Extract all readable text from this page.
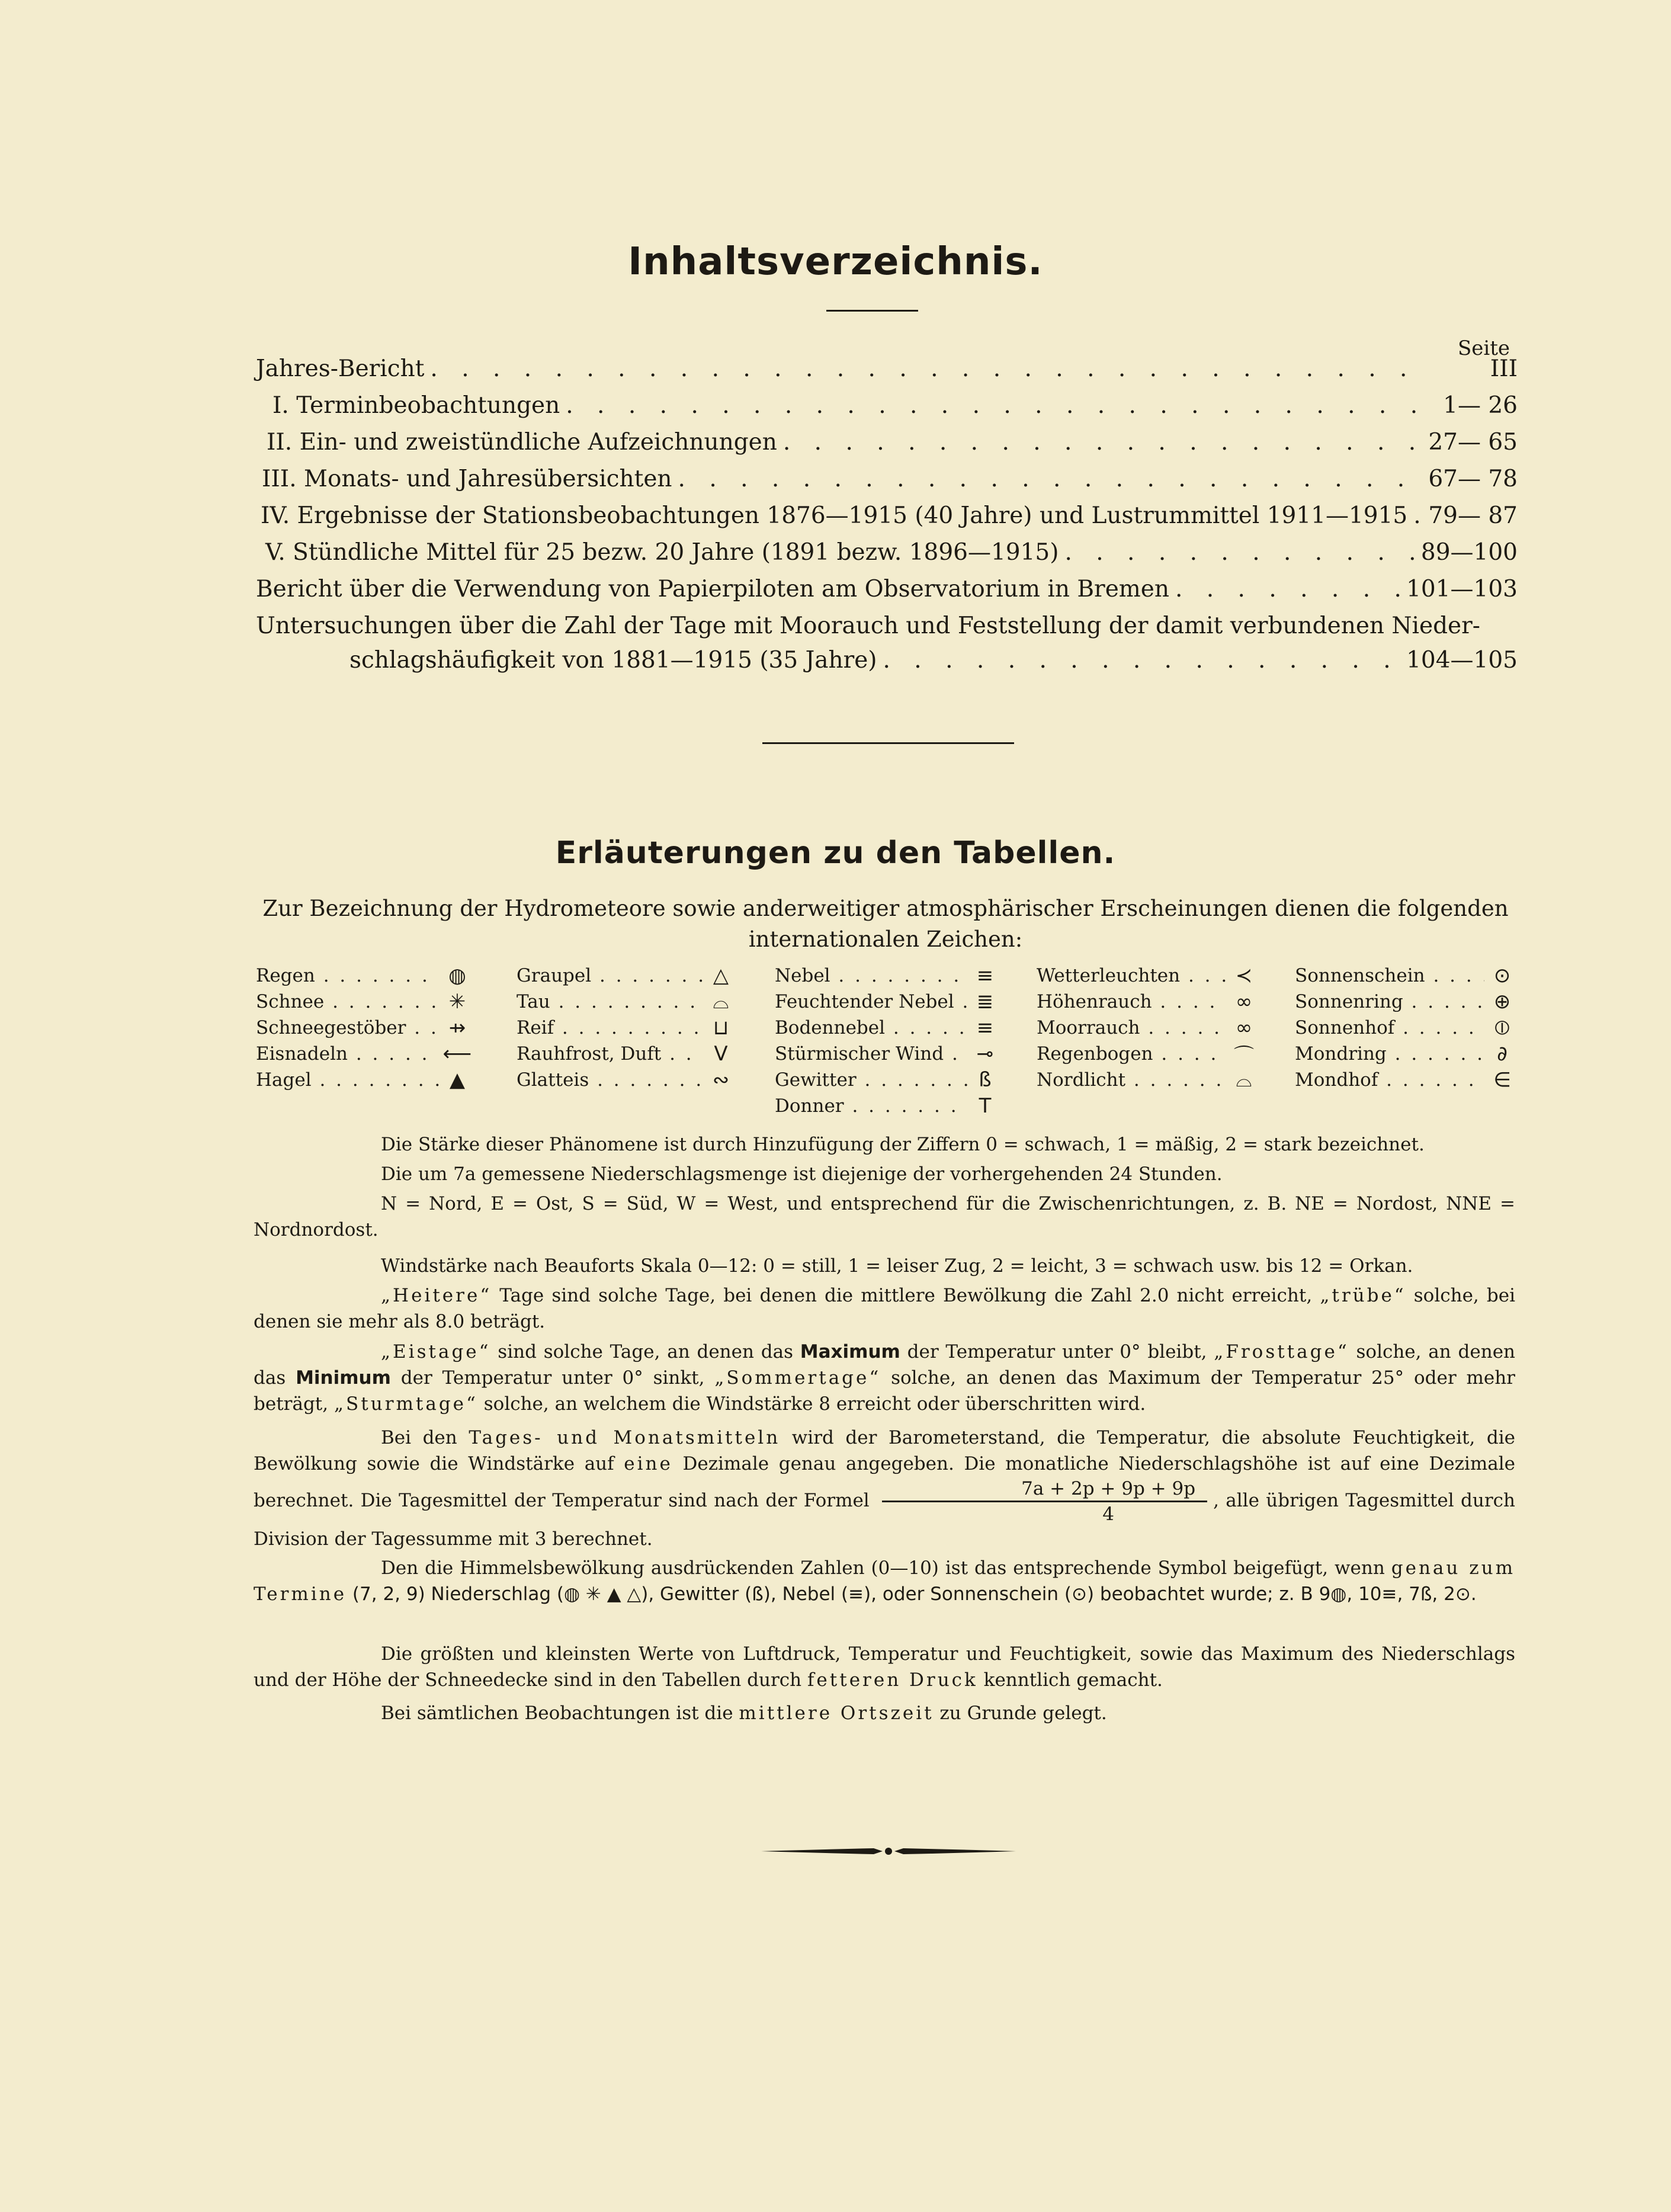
Inhaltsverzeichnis.
Seite
Jahres-Bericht . . .	III
I. Terminbeobachtungen . . .	1— 26
II. Ein- und zweistündliche Aufzeichnungen . . .	27— 65
III. Monats- und Jahresübersichten . . .	67— 78
IV. Ergebnisse der Stationsbeobachtungen 1876—1915 (40 Jahre) und Lustrummittel 1911—1915 . . . 79— 87
V. Stündliche Mittel für 25 bezw. 20 Jahre (1891 bezw. 1896—1915) . . .	89—100
Bericht über die Verwendung von Papierpiloten am Observatorium in Bremen . . .	101—103
Untersuchungen über die Zahl der Tage mit Moorauch und Feststellung der damit verbundenen Nieder-
schlagshäufigkeit von 1881—1915 (35 Jahre) . . .	104—105
Erläuterungen zu den Tabellen.
Zur Bezeichnung der Hydrometeore sowie anderweitiger atmosphärischer Erscheinungen dienen die folgenden internationalen Zeichen:
Regen . . .	◍
Schnee . . .	✳
Schneegestöber . . .	⇸
Eisnadeln . . .	⟵
Hagel . . .	▲
Graupel . . .	△
Tau . . .	⌓
Reif . . .	⊔
Rauhfrost, Duft . . .	V
Glatteis . . .	∾
Nebel . . .	≡
Feuchtender Nebel . . .	≣
Bodennebel . . .	≡
Stürmischer Wind . . .	⊸
Gewitter . . .	ß
Donner . . .	T
Wetterleuchten . . .	≺
Höhenrauch . . .	∞
Moorrauch . . .	∞
Regenbogen . . .	⌒
Nordlicht . . .	⌓
Sonnenschein . . .	⊙
Sonnenring . . .	⊕
Sonnenhof . . .	⦶
Mondring . . .	∂
Mondhof . . .	∈
Die Stärke dieser Phänomene ist durch Hinzufügung der Ziffern 0 = schwach, 1 = mäßig, 2 = stark bezeichnet.
Die um 7a gemessene Niederschlagsmenge ist diejenige der vorhergehenden 24 Stunden.
N = Nord, E = Ost, S = Süd, W = West, und entsprechend für die Zwischenrichtungen, z. B. NE = Nordost, NNE = Nordnordost.
Windstärke nach Beauforts Skala 0—12: 0 = still, 1 = leiser Zug, 2 = leicht, 3 = schwach usw. bis 12 = Orkan.
„Heitere“ Tage sind solche Tage, bei denen die mittlere Bewölkung die Zahl 2.0 nicht erreicht, „trübe“ solche, bei denen sie mehr als 8.0 beträgt.
„Eistage“ sind solche Tage, an denen das Maximum der Temperatur unter 0° bleibt, „Frosttage“ solche, an denen das Minimum der Temperatur unter 0° sinkt, „Sommertage“ solche, an denen das Maximum der Temperatur 25° oder mehr beträgt, „Sturmtage“ solche, an welchem die Windstärke 8 erreicht oder überschritten wird.
Bei den Tages- und Monatsmitteln wird der Barometerstand, die Temperatur, die absolute Feuchtigkeit, die Bewölkung sowie die Windstärke auf eine Dezimale genau angegeben. Die monatliche Niederschlagshöhe ist auf eine Dezimale berechnet. Die Tagesmittel der Temperatur sind nach der Formel $\frac{7a + 2p + 9p + 9p}{4}$ , alle übrigen Tagesmittel durch Division der Tagessumme mit 3 berechnet.
Den die Himmelsbewölkung ausdrückenden Zahlen (0—10) ist das entsprechende Symbol beigefügt, wenn genau zum Termine (7, 2, 9) Niederschlag (◍ ✳ ▲ △), Gewitter (ß), Nebel (≡), oder Sonnenschein (⊙) beobachtet wurde; z. B 9◍, 10≡, 7ß, 2⊙.
Die größten und kleinsten Werte von Luftdruck, Temperatur und Feuchtigkeit, sowie das Maximum des Niederschlags und der Höhe der Schneedecke sind in den Tabellen durch fetteren Druck kenntlich gemacht.
Bei sämtlichen Beobachtungen ist die mittlere Ortszeit zu Grunde gelegt.
